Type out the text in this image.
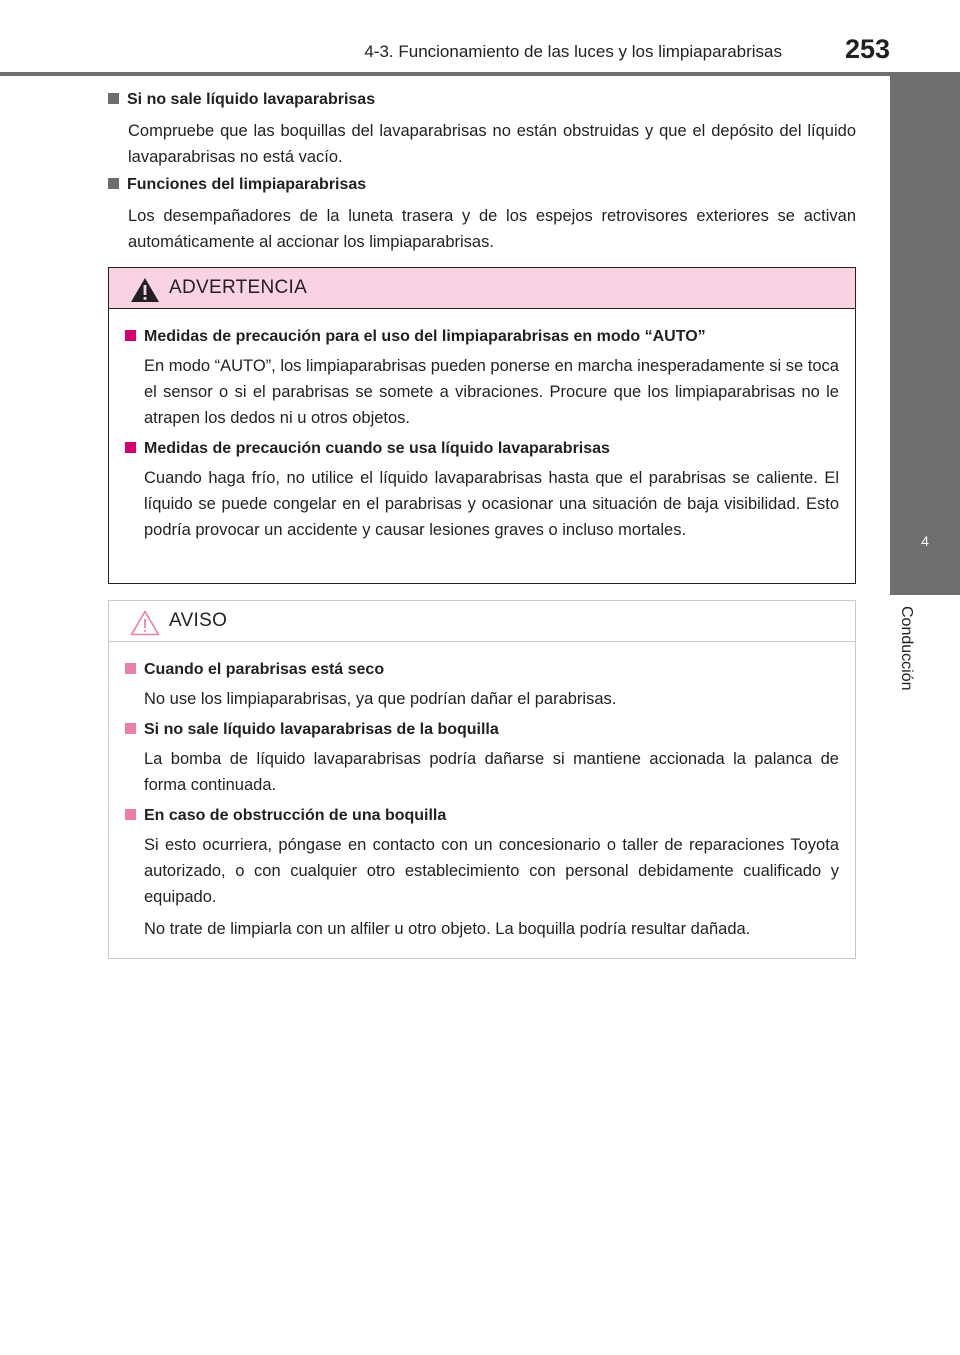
4-3. Funcionamiento de las luces y los limpiaparabrisas 253
4
Conducción
Si no sale líquido lavaparabrisas
Compruebe que las boquillas del lavaparabrisas no están obstruidas y que el depósito del líquido lavaparabrisas no está vacío.
Funciones del limpiaparabrisas
Los desempañadores de la luneta trasera y de los espejos retrovisores exteriores se activan automáticamente al accionar los limpiaparabrisas.
ADVERTENCIA
Medidas de precaución para el uso del limpiaparabrisas en modo “AUTO”
En modo “AUTO”, los limpiaparabrisas pueden ponerse en marcha inesperadamente si se toca el sensor o si el parabrisas se somete a vibraciones. Procure que los limpiaparabrisas no le atrapen los dedos ni u otros objetos.
Medidas de precaución cuando se usa líquido lavaparabrisas
Cuando haga frío, no utilice el líquido lavaparabrisas hasta que el parabrisas se caliente. El líquido se puede congelar en el parabrisas y ocasionar una situación de baja visibilidad. Esto podría provocar un accidente y causar lesiones graves o incluso mortales.
AVISO
Cuando el parabrisas está seco
No use los limpiaparabrisas, ya que podrían dañar el parabrisas.
Si no sale líquido lavaparabrisas de la boquilla
La bomba de líquido lavaparabrisas podría dañarse si mantiene accionada la palanca de forma continuada.
En caso de obstrucción de una boquilla

Si esto ocurriera, póngase en contacto con un concesionario o taller de reparaciones Toyota autorizado, o con cualquier otro establecimiento con personal debidamente cualificado y equipado.

No trate de limpiarla con un alfiler u otro objeto. La boquilla podría resultar dañada.
